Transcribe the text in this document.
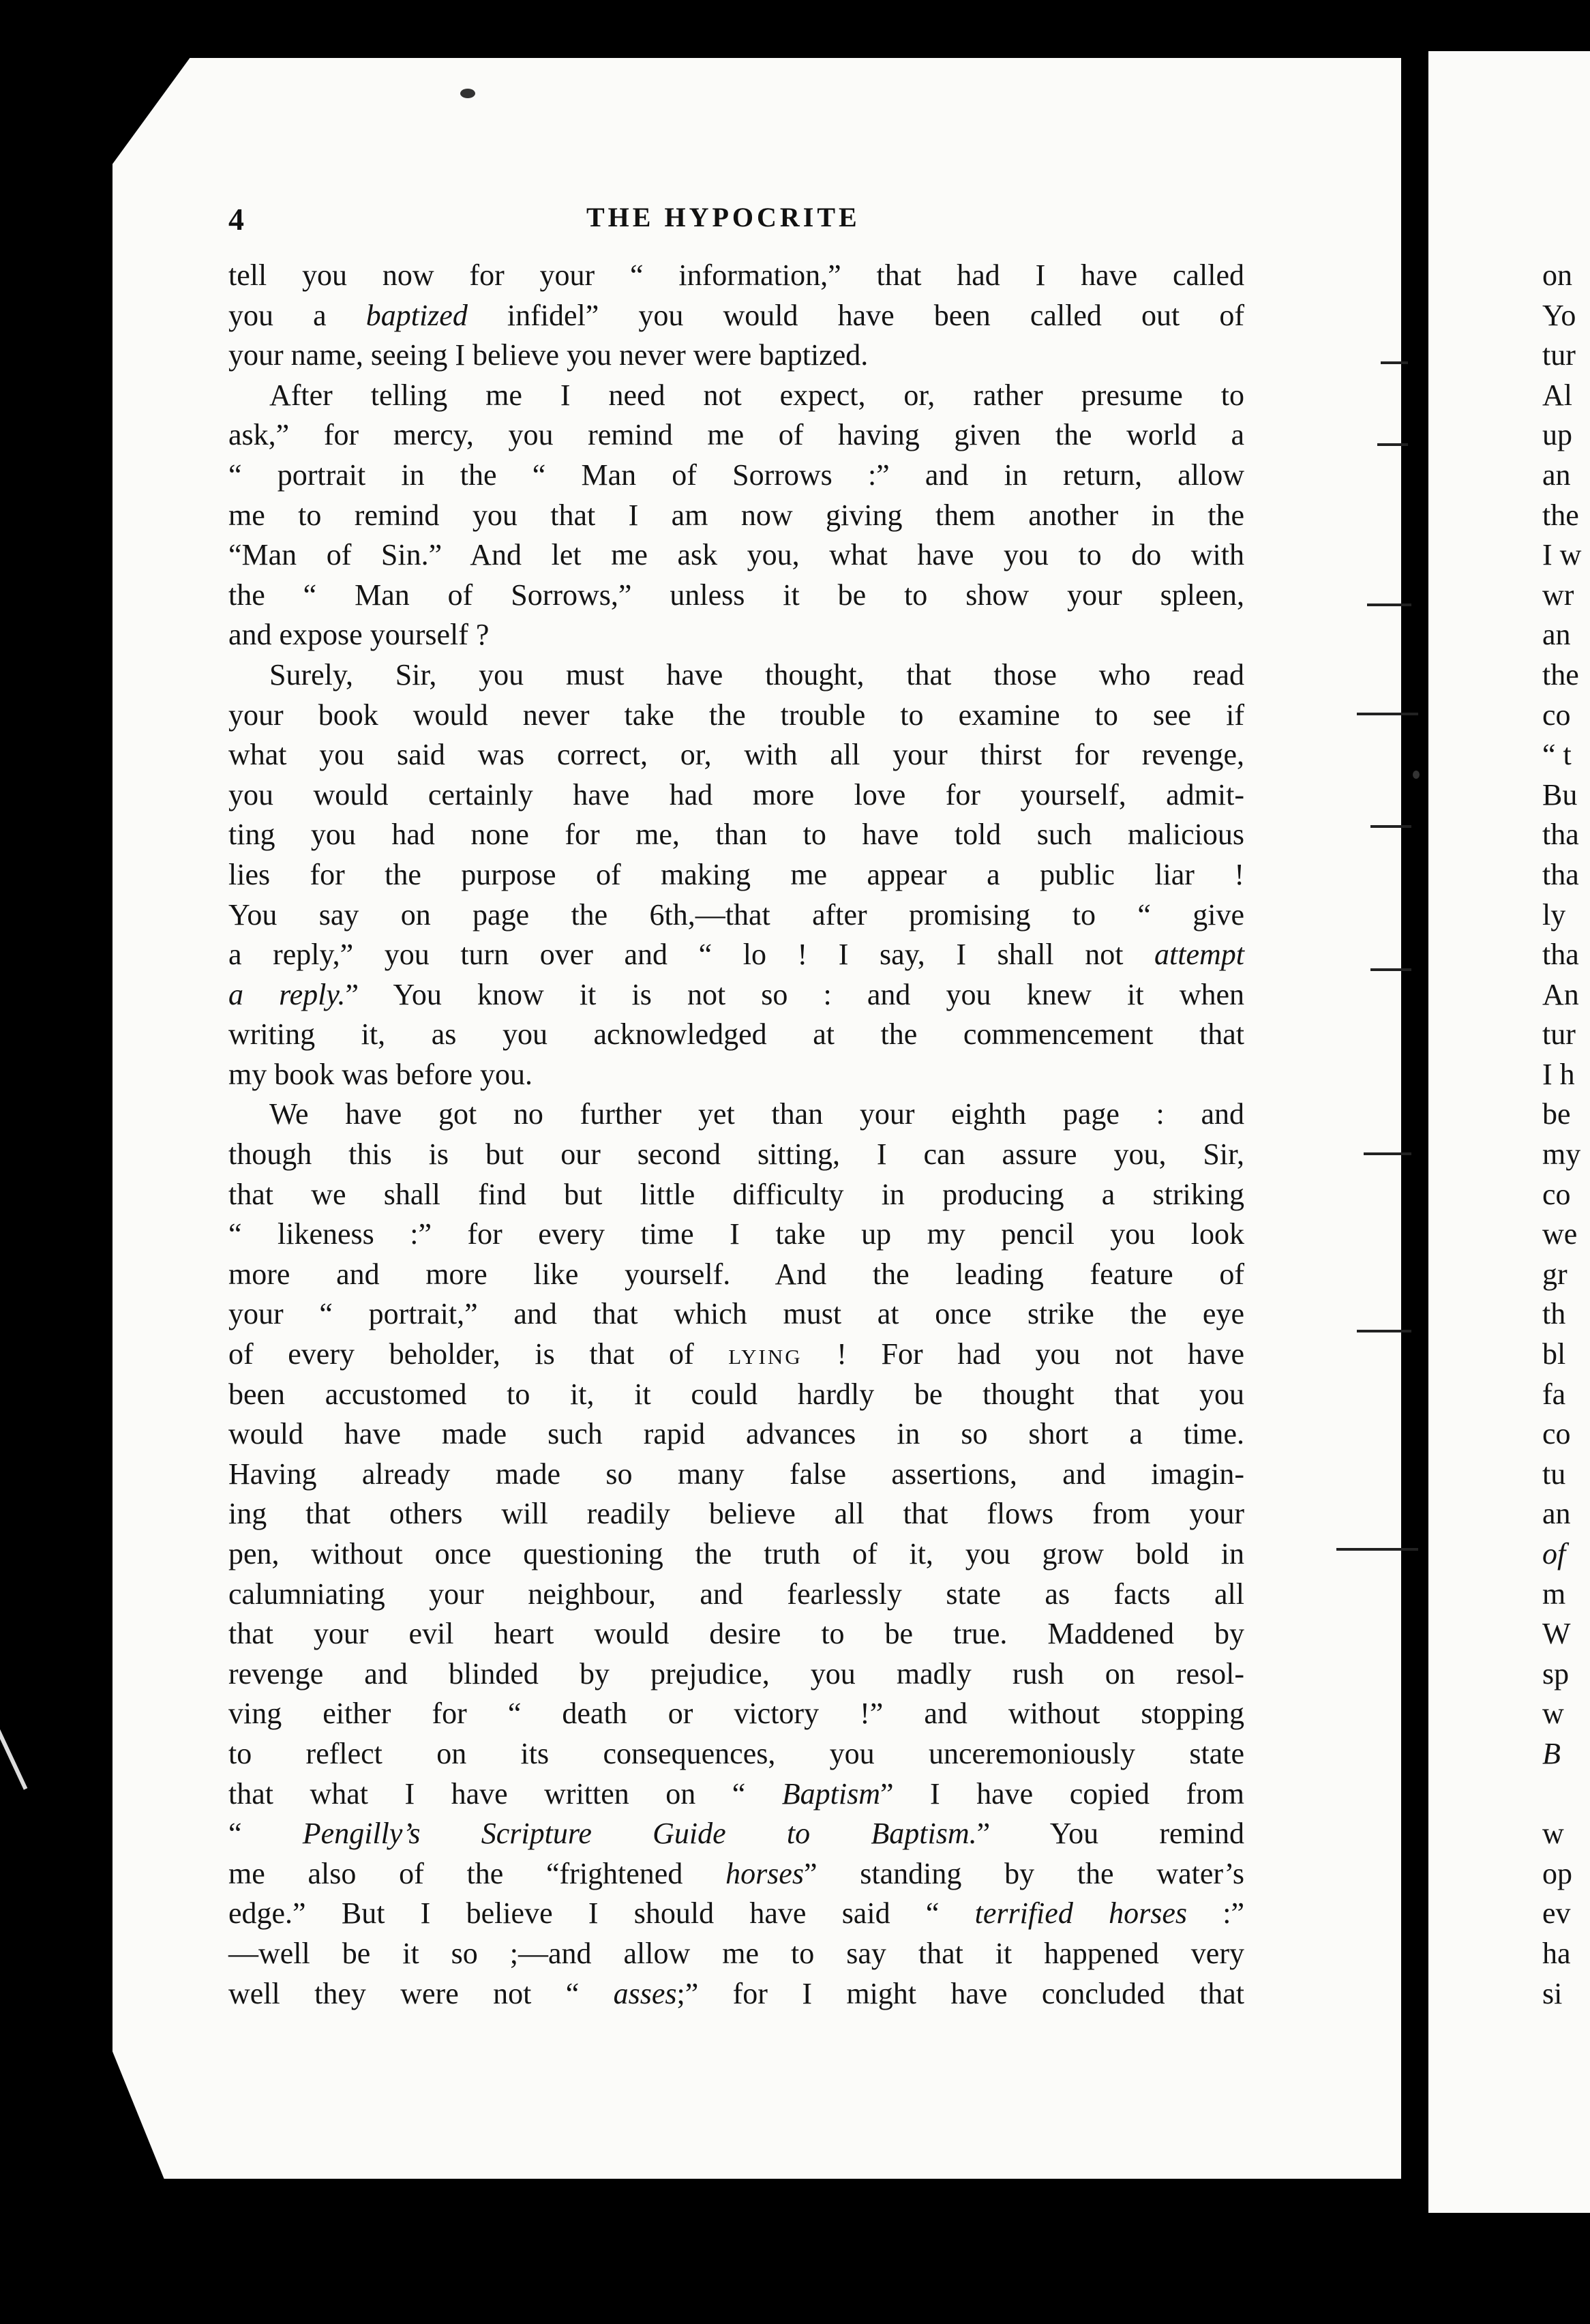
4	THE HYPOCRITE
tell you now for your “ information,” that had I have called
you a baptized infidel” you would have been called out of
your name, seeing I believe you never were baptized.
After telling me I need not expect, or, rather presume to
ask,” for mercy, you remind me of having given the world a
“ portrait in the “ Man of Sorrows :” and in return, allow
me to remind you that I am now giving them another in the
“Man of Sin.” And let me ask you, what have you to do with
the “ Man of Sorrows,” unless it be to show your spleen,
and expose yourself ?
Surely, Sir, you must have thought, that those who read
your book would never take the trouble to examine to see if
what you said was correct, or, with all your thirst for revenge,
you would certainly have had more love for yourself, admit-
ting you had none for me, than to have told such malicious
lies for the purpose of making me appear a public liar !
You say on page the 6th,—that after promising to “ give
a reply,” you turn over and “ lo ! I say, I shall not attempt
a reply.” You know it is not so : and you knew it when
writing it, as you acknowledged at the commencement that
my book was before you.
We have got no further yet than your eighth page : and
though this is but our second sitting, I can assure you, Sir,
that we shall find but little difficulty in producing a striking
“ likeness :” for every time I take up my pencil you look
more and more like yourself. And the leading feature of
your “ portrait,” and that which must at once strike the eye
of every beholder, is that of lying ! For had you not have
been accustomed to it, it could hardly be thought that you
would have made such rapid advances in so short a time.
Having already made so many false assertions, and imagin-
ing that others will readily believe all that flows from your
pen, without once questioning the truth of it, you grow bold in
calumniating your neighbour, and fearlessly state as facts all
that your evil heart would desire to be true. Maddened by
revenge and blinded by prejudice, you madly rush on resol-
ving either for “ death or victory !” and without stopping
to reflect on its consequences, you unceremoniously state
that what I have written on “ Baptism” I have copied from
“ Pengilly’s Scripture Guide to Baptism.” You remind
me also of the “frightened horses” standing by the water’s
edge.” But I believe I should have said “ terrified horses :”
—well be it so ;—and allow me to say that it happened very
well they were not “ asses;” for I might have concluded that
on
Yo
tur
Al
up
an
the
I w
wr
an
the
co
“ t
Bu
tha
tha
ly
tha
An
tur
I h
be
my
co
we
gr
th
bl
fa
co
tu
an
of
m
W
sp
w
B
w
op
ev
ha
si
